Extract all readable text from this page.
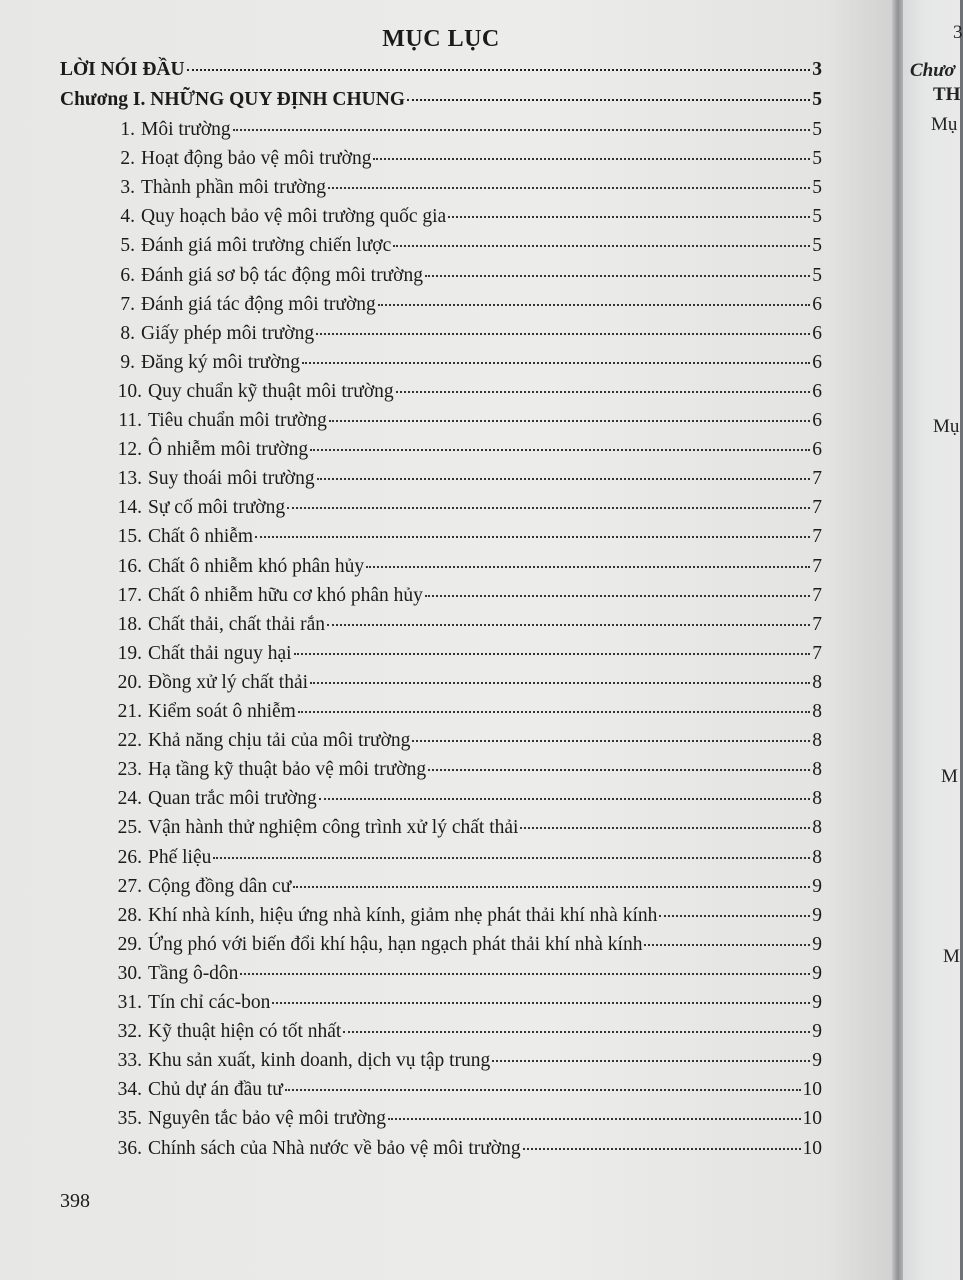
MỤC LỤC
LỜI NÓI ĐẦU	3
Chương I. NHỮNG QUY ĐỊNH CHUNG	5
1. Môi trường	5
2. Hoạt động bảo vệ môi trường	5
3. Thành phần môi trường	5
4. Quy hoạch bảo vệ môi trường quốc gia	5
5. Đánh giá môi trường chiến lược	5
6. Đánh giá sơ bộ tác động môi trường	5
7. Đánh giá tác động môi trường	6
8. Giấy phép môi trường	6
9. Đăng ký môi trường	6
10. Quy chuẩn kỹ thuật môi trường	6
11. Tiêu chuẩn môi trường	6
12. Ô nhiễm môi trường	6
13. Suy thoái môi trường	7
14. Sự cố môi trường	7
15. Chất ô nhiễm	7
16. Chất ô nhiễm khó phân hủy	7
17. Chất ô nhiễm hữu cơ khó phân hủy	7
18. Chất thải, chất thải rắn	7
19. Chất thải nguy hại	7
20. Đồng xử lý chất thải	8
21. Kiểm soát ô nhiễm	8
22. Khả năng chịu tải của môi trường	8
23. Hạ tầng kỹ thuật bảo vệ môi trường	8
24. Quan trắc môi trường	8
25. Vận hành thử nghiệm công trình xử lý chất thải	8
26. Phế liệu	8
27. Cộng đồng dân cư	9
28. Khí nhà kính, hiệu ứng nhà kính, giảm nhẹ phát thải khí nhà kính	9
29. Ứng phó với biến đổi khí hậu, hạn ngạch phát thải khí nhà kính	9
30. Tầng ô-dôn	9
31. Tín chỉ các-bon	9
32. Kỹ thuật hiện có tốt nhất	9
33. Khu sản xuất, kinh doanh, dịch vụ tập trung	9
34. Chủ dự án đầu tư	10
35. Nguyên tắc bảo vệ môi trường	10
36. Chính sách của Nhà nước về bảo vệ môi trường	10
398
3
Chươ
TH
Mụ
Mụ
M
M
